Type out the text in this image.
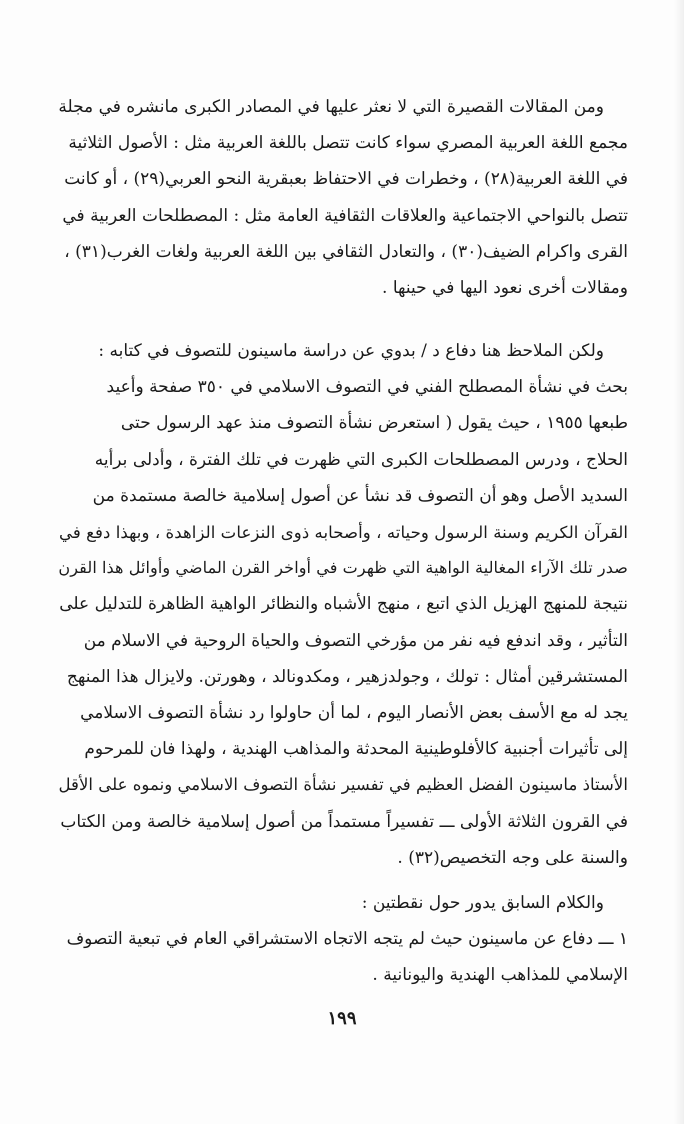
ومن المقالات القصيرة التي لا نعثر عليها في المصادر الكبرى مانشره في مجلة
مجمع اللغة العربية المصري سواء كانت تتصل باللغة العربية مثل : الأصول الثلاثية
في اللغة العربية(٢٨) ، وخطرات في الاحتفاظ بعبقرية النحو العربي(٢٩) ، أو كانت
تتصل بالنواحي الاجتماعية والعلاقات الثقافية العامة مثل : المصطلحات العربية في
القرى واكرام الضيف(٣٠) ، والتعادل الثقافي بين اللغة العربية ولغات الغرب(٣١) ،
ومقالات أخرى نعود اليها في حينها .
ولكن الملاحظ هنا دفاع د / بدوي عن دراسة ماسينون للتصوف في كتابه :
بحث في نشأة المصطلح الفني في التصوف الاسلامي في ٣٥٠ صفحة وأعيد
طبعها ١٩٥٥ ، حيث يقول ( استعرض نشأة التصوف منذ عهد الرسول حتى
الحلاج ، ودرس المصطلحات الكبرى التي ظهرت في تلك الفترة ، وأدلى برأيه
السديد الأصل وهو أن التصوف قد نشأ عن أصول إسلامية خالصة مستمدة من
القرآن الكريم وسنة الرسول وحياته ، وأصحابه ذوى النزعات الزاهدة ، وبهذا دفع في
صدر تلك الآراء المغالية الواهية التي ظهرت في أواخر القرن الماضي وأوائل هذا القرن
نتيجة للمنهج الهزيل الذي اتبع ، منهج الأشباه والنظائر الواهية الظاهرة للتدليل على
التأثير ، وقد اندفع فيه نفر من مؤرخي التصوف والحياة الروحية في الاسلام من
المستشرقين أمثال : تولك ، وجولدزهير ، ومكدونالد ، وهورتن. ولايزال هذا المنهج
يجد له مع الأسف بعض الأنصار اليوم ، لما أن حاولوا رد نشأة التصوف الاسلامي
إلى تأثيرات أجنبية كالأفلوطينية المحدثة والمذاهب الهندية ، ولهذا فان للمرحوم
الأستاذ ماسينون الفضل العظيم في تفسير نشأة التصوف الاسلامي ونموه على الأقل
في القرون الثلاثة الأولى ـــ تفسيراً مستمداً من أصول إسلامية خالصة ومن الكتاب
والسنة على وجه التخصيص(٣٢) .
والكلام السابق يدور حول نقطتين :
١ ـــ دفاع عن ماسينون حيث لم يتجه الاتجاه الاستشراقي العام في تبعية التصوف
الإسلامي للمذاهب الهندية واليونانية .
١٩٩
